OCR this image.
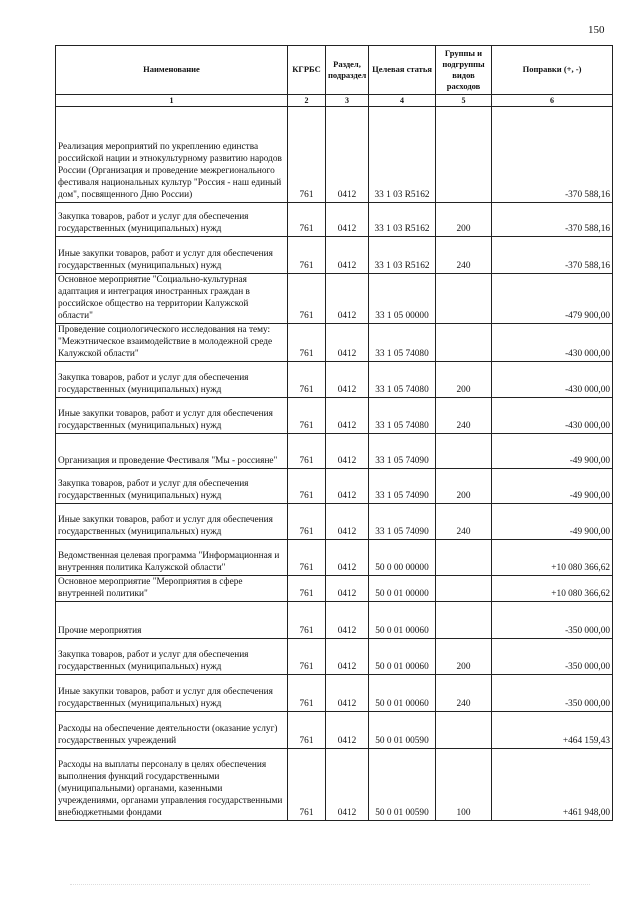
150
Наименование	КГРБС	Раздел, подраздел	Целевая статья	Группы и подгруппы видов расходов	Поправки (+, -)
1	2	3	4	5	6
Реализация мероприятий по укреплению единства российской нации и этнокультурному развитию народов России (Организация и проведение межрегионального фестиваля национальных культур "Россия - наш единый дом", посвященного Дню России)	761	0412	33 1 03 R5162		-370 588,16
Закупка товаров, работ и услуг для обеспечения государственных (муниципальных) нужд	761	0412	33 1 03 R5162	200	-370 588,16
Иные закупки товаров, работ и услуг для обеспечения государственных (муниципальных) нужд	761	0412	33 1 03 R5162	240	-370 588,16
Основное мероприятие "Социально-культурная адаптация и интеграция иностранных граждан в российское общество на территории Калужской области"	761	0412	33 1 05 00000		-479 900,00
Проведение социологического исследования на тему: "Межэтническое взаимодействие в молодежной среде Калужской области"	761	0412	33 1 05 74080		-430 000,00
Закупка товаров, работ и услуг для обеспечения государственных (муниципальных) нужд	761	0412	33 1 05 74080	200	-430 000,00
Иные закупки товаров, работ и услуг для обеспечения государственных (муниципальных) нужд	761	0412	33 1 05 74080	240	-430 000,00
Организация и проведение Фестиваля "Мы - россияне"	761	0412	33 1 05 74090		-49 900,00
Закупка товаров, работ и услуг для обеспечения государственных (муниципальных) нужд	761	0412	33 1 05 74090	200	-49 900,00
Иные закупки товаров, работ и услуг для обеспечения государственных (муниципальных) нужд	761	0412	33 1 05 74090	240	-49 900,00
Ведомственная целевая программа "Информационная и внутренняя политика Калужской области"	761	0412	50 0 00 00000		+10 080 366,62
Основное мероприятие "Мероприятия в сфере внутренней политики"	761	0412	50 0 01 00000		+10 080 366,62
Прочие мероприятия	761	0412	50 0 01 00060		-350 000,00
Закупка товаров, работ и услуг для обеспечения государственных (муниципальных) нужд	761	0412	50 0 01 00060	200	-350 000,00
Иные закупки товаров, работ и услуг для обеспечения государственных (муниципальных) нужд	761	0412	50 0 01 00060	240	-350 000,00
Расходы на обеспечение деятельности (оказание услуг) государственных учреждений	761	0412	50 0 01 00590		+464 159,43
Расходы на выплаты персоналу в целях обеспечения выполнения функций государственными (муниципальными) органами, казенными учреждениями, органами управления государственными внебюджетными фондами	761	0412	50 0 01 00590	100	+461 948,00
